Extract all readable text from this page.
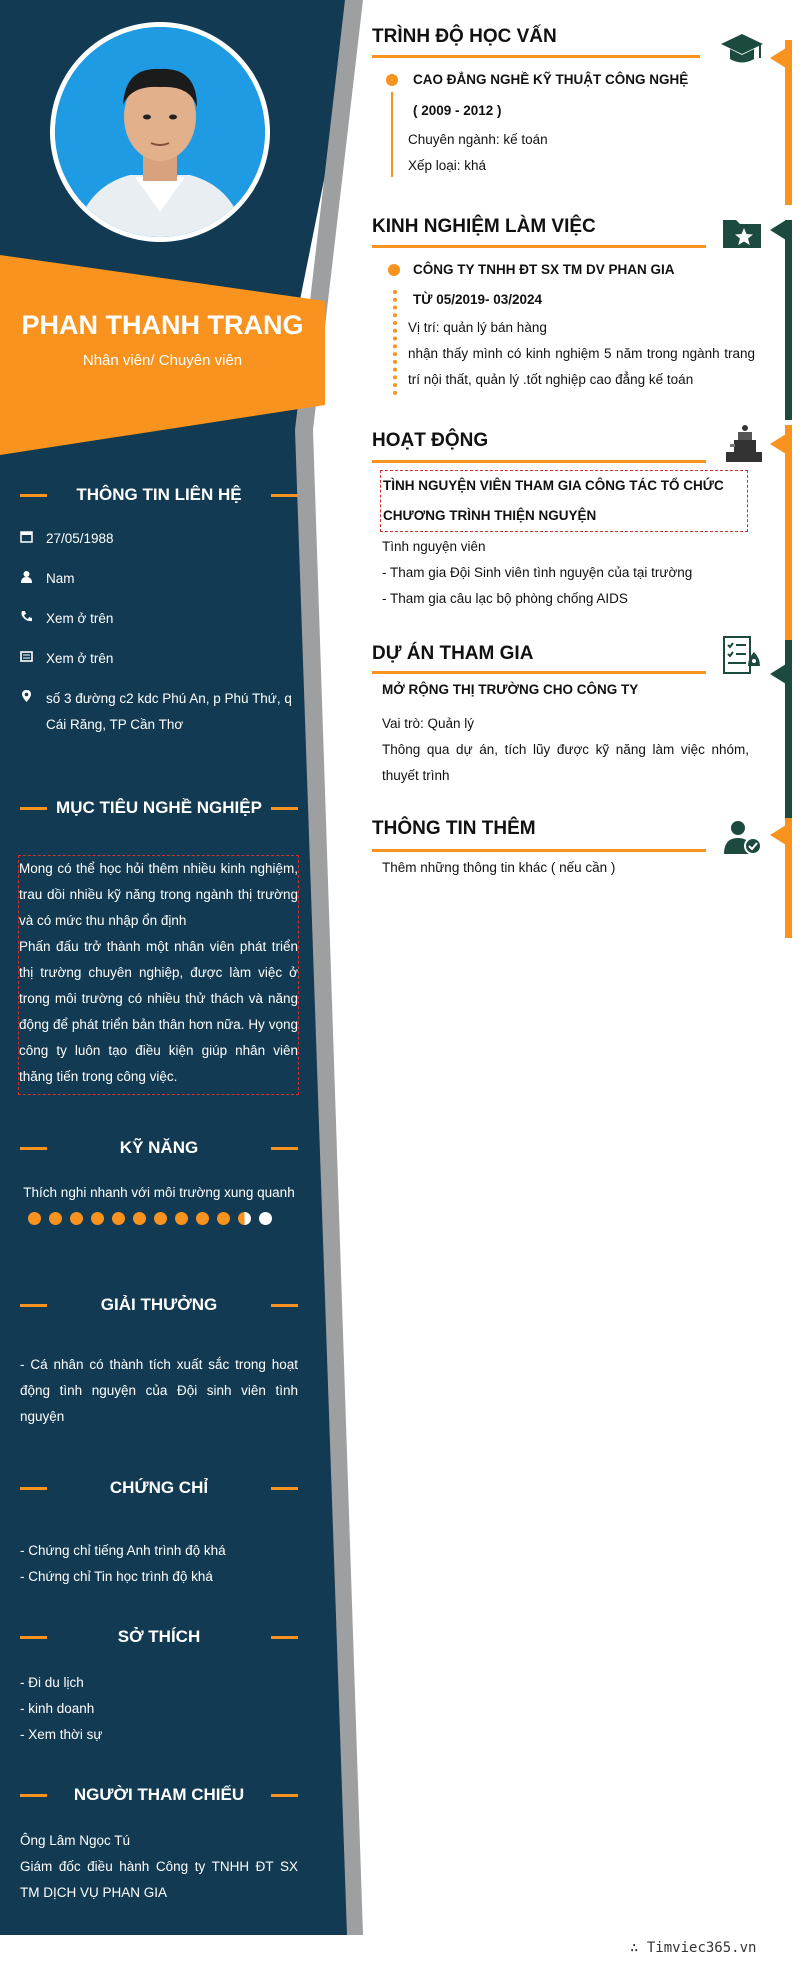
PHAN THANH TRANG
Nhân viên/ Chuyên viên
THÔNG TIN LIÊN HỆ
27/05/1988
Nam
Xem ở trên
Xem ở trên
số 3 đường c2 kdc Phú An, p Phú Thứ, q Cái Răng, TP Cần Thơ
MỤC TIÊU NGHỀ NGHIỆP
Mong có thể học hỏi thêm nhiều kinh nghiệm, trau dồi nhiều kỹ năng trong ngành thị trường và có mức thu nhập ổn định
Phấn đấu trở thành một nhân viên phát triển thị trường chuyên nghiệp, được làm việc ở trong môi trường có nhiều thử thách và năng động để phát triển bản thân hơn nữa. Hy vọng công ty luôn tạo điều kiện giúp nhân viên thăng tiến trong công việc.
KỸ NĂNG
Thích nghi nhanh với môi trường xung quanh
GIẢI THƯỞNG
- Cá nhân có thành tích xuất sắc trong hoạt động tình nguyện của Đội sinh viên tình nguyện
CHỨNG CHỈ
- Chứng chỉ tiếng Anh trình độ khá
- Chứng chỉ Tin học trình độ khá
SỞ THÍCH
- Đi du lịch
- kinh doanh
- Xem thời sự
NGƯỜI THAM CHIẾU
Ông Lâm Ngọc Tú
Giám đốc điều hành Công ty TNHH ĐT SX TM DỊCH VỤ PHAN GIA
TRÌNH ĐỘ HỌC VẤN
CAO ĐẲNG NGHỀ KỸ THUẬT CÔNG NGHỆ
( 2009 - 2012 )
Chuyên ngành: kế toán
Xếp loại: khá
KINH NGHIỆM LÀM VIỆC
CÔNG TY TNHH ĐT SX TM DV PHAN GIA
TỪ 05/2019- 03/2024
Vị trí: quản lý bán hàng
nhận thấy mình có kinh nghiệm 5 năm trong ngành trang trí nội thất, quản lý .tốt nghiệp cao đẳng kế toán
HOẠT ĐỘNG
TÌNH NGUYỆN VIÊN THAM GIA CÔNG TÁC TỔ CHỨC CHƯƠNG TRÌNH THIỆN NGUYỆN
Tình nguyện viên
- Tham gia Đội Sinh viên tình nguyện của tại trường
- Tham gia câu lạc bộ phòng chống AIDS
DỰ ÁN THAM GIA
MỞ RỘNG THỊ TRƯỜNG CHO CÔNG TY
Vai trò: Quản lý
Thông qua dự án, tích lũy được kỹ năng làm việc nhóm, thuyết trình
THÔNG TIN THÊM
Thêm những thông tin khác ( nếu cần )
∴ Timviec365.vn
